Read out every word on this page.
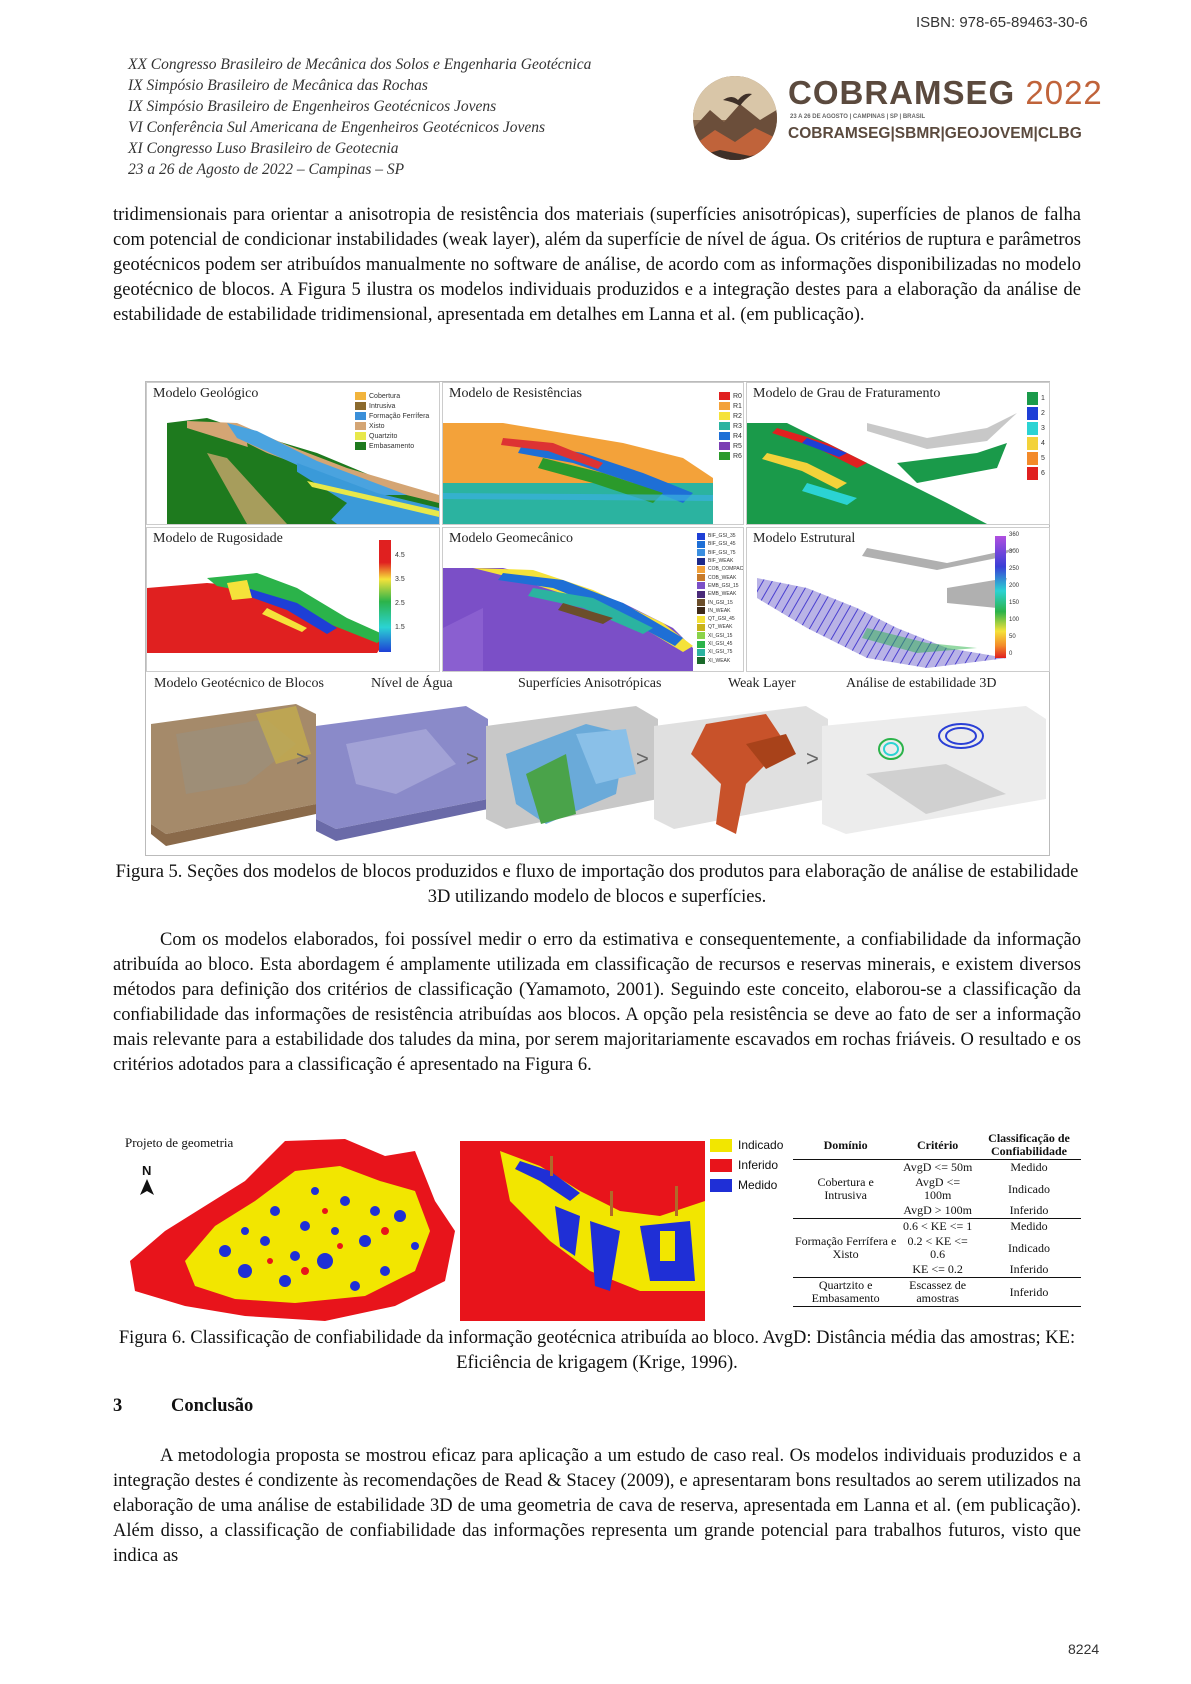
ISBN: 978-65-89463-30-6
XX Congresso Brasileiro de Mecânica dos Solos e Engenharia Geotécnica
IX Simpósio Brasileiro de Mecânica das Rochas
IX Simpósio Brasileiro de Engenheiros Geotécnicos Jovens
VI Conferência Sul Americana de Engenheiros Geotécnicos Jovens
XI Congresso Luso Brasileiro de Geotecnia
23 a 26 de Agosto de 2022 – Campinas – SP
COBRAMSEG 2022
23 A 26 DE AGOSTO | CAMPINAS | SP | BRASIL
COBRAMSEG|SBMR|GEOJOVEM|CLBG

tridimensionais para orientar a anisotropia de resistência dos materiais (superfícies anisotrópicas), superfícies de planos de falha com potencial de condicionar instabilidades (weak layer), além da superfície de nível de água. Os critérios de ruptura e parâmetros geotécnicos podem ser atribuídos manualmente no software de análise, de acordo com as informações disponibilizadas no modelo geotécnico de blocos. A Figura 5 ilustra os modelos individuais produzidos e a integração destes para a elaboração da análise de estabilidade de estabilidade tridimensional, apresentada em detalhes em Lanna et al. (em publicação).

Modelo Geológico	Cobertura
Intrusiva
Formação Ferrífera
Xisto
Quartzito
Embasamento
Modelo de Resistências	R0
R1
R2
R3
R4
R5
R6
Modelo de Grau de Fraturamento	1
2
3
4
5
6
Modelo de Rugosidade
4.5
3.5
2.5
1.5
Modelo Geomecânico	BIF_GSI_35
BIF_GSI_45
BIF_GSI_75
BIF_WEAK
COB_COMPAC
COB_WEAK
EMB_GSI_15
EMB_WEAK
IN_GSI_15
IN_WEAK
QT_GSI_45
QT_WEAK
XI_GSI_15
XI_GSI_45
XI_GSI_75
XI_WEAK
Modelo Estrutural	360
300
250
200
150
100
50
0
Modelo Geotécnico de Blocos	Nível de Água	Superfícies Anisotrópicas	Weak Layer	Análise de estabilidade 3D
>	>	>	>

Figura 5. Seções dos modelos de blocos produzidos e fluxo de importação dos produtos para elaboração de análise de estabilidade 3D utilizando modelo de blocos e superfícies.

Com os modelos elaborados, foi possível medir o erro da estimativa e consequentemente, a confiabilidade da informação atribuída ao bloco. Esta abordagem é amplamente utilizada em classificação de recursos e reservas minerais, e existem diversos métodos para definição dos critérios de classificação (Yamamoto, 2001). Seguindo este conceito, elaborou-se a classificação da confiabilidade das informações de resistência atribuídas aos blocos. A opção pela resistência se deve ao fato de ser a informação mais relevante para a estabilidade dos taludes da mina, por serem majoritariamente escavados em rochas friáveis. O resultado e os critérios adotados para a classificação é apresentado na Figura 6.

Projeto de geometria
N
Indicado
Inferido
Medido
Domínio	Critério	Classificação de Confiabilidade
Cobertura e Intrusiva	AvgD <= 50m	Medido
	AvgD <= 100m	Indicado
	AvgD > 100m	Inferido
Formação Ferrífera e Xisto	0.6 < KE <= 1	Medido
	0.2 < KE <= 0.6	Indicado
	KE <= 0.2	Inferido
Quartzito e Embasamento	Escassez de amostras	Inferido

Figura 6. Classificação de confiabilidade da informação geotécnica atribuída ao bloco. AvgD: Distância média das amostras; KE: Eficiência de krigagem (Krige, 1996).

3	Conclusão

A metodologia proposta se mostrou eficaz para aplicação a um estudo de caso real. Os modelos individuais produzidos e a integração destes é condizente às recomendações de Read & Stacey (2009), e apresentaram bons resultados ao serem utilizados na elaboração de uma análise de estabilidade 3D de uma geometria de cava de reserva, apresentada em Lanna et al. (em publicação). Além disso, a classificação de confiabilidade das informações representa um grande potencial para trabalhos futuros, visto que indica as

8224
